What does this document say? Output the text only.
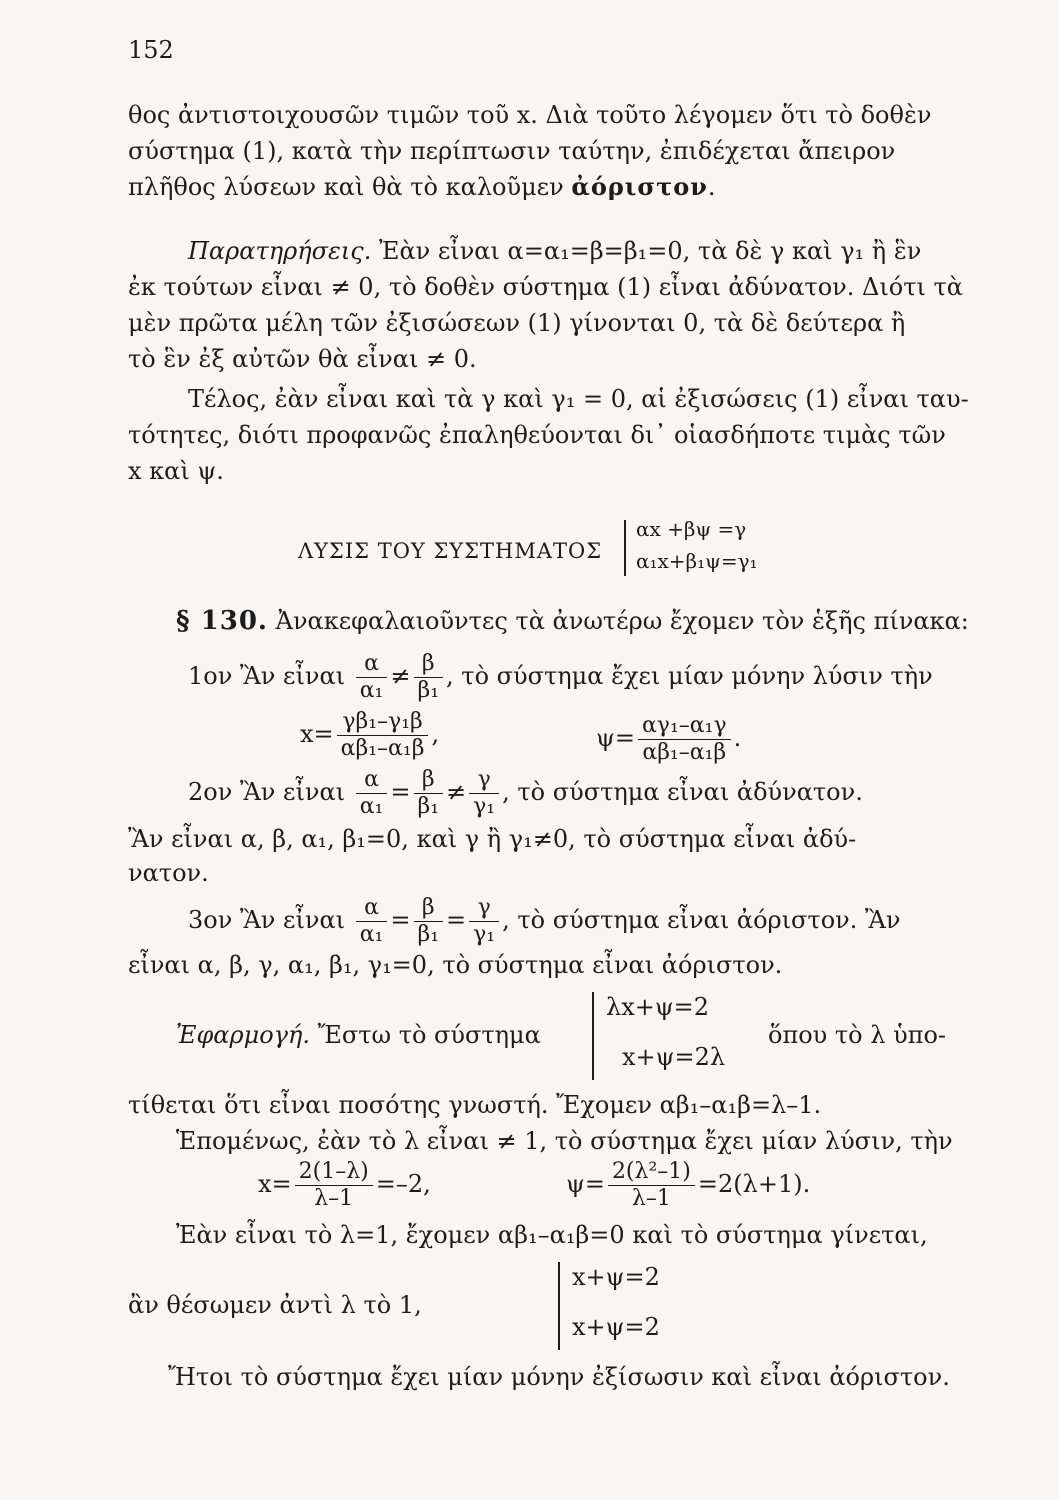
152
θος ἀντιστοιχουσῶν τιμῶν τοῦ x. Διὰ τοῦτο λέγομεν ὅτι τὸ δοθὲν
σύστημα (1), κατὰ τὴν περίπτωσιν ταύτην, ἐπιδέχεται ἄπειρον
πλῆθος λύσεων καὶ θὰ τὸ καλοῦμεν ἀόριστον.
Παρατηρήσεις. Ἐὰν εἶναι α=α₁=β=β₁=0, τὰ δὲ γ καὶ γ₁ ἢ ἓν
ἐκ τούτων εἶναι ≠ 0, τὸ δοθὲν σύστημα (1) εἶναι ἀδύνατον. Διότι τὰ
μὲν πρῶτα μέλη τῶν ἐξισώσεων (1) γίνονται 0, τὰ δὲ δεύτερα ἢ
τὸ ἓν ἐξ αὐτῶν θὰ εἶναι ≠ 0.
Τέλος, ἐὰν εἶναι καὶ τὰ γ καὶ γ₁ = 0, αἱ ἐξισώσεις (1) εἶναι ταυ-
τότητες, διότι προφανῶς ἐπαληθεύονται δι᾽ οἱασδήποτε τιμὰς τῶν
x καὶ ψ.
ΛΥΣΙΣ ΤΟΥ ΣΥΣΤΗΜΑΤΟΣ
αx +βψ =γ
α₁x+β₁ψ=γ₁
§ 130. Ἀνακεφαλαιοῦντες τὰ ἀνωτέρω ἔχομεν τὸν ἑξῆς πίνακα:
1ον Ἂν εἶναι $\frac{\alpha}{\text{α₁}} \ne \frac{\beta}{\text{β₁}}$ , τὸ σύστημα ἔχει μίαν μόνην λύσιν τὴν
$x= \frac{\text{γβ₁–γ₁β}}{\text{αβ₁–α₁β}}$ ,	$\psi= \frac{\text{αγ₁–α₁γ}}{\text{αβ₁–α₁β}}$ .
2ον Ἂν εἶναι $\frac{\alpha}{\text{α₁}} = \frac{\beta}{\text{β₁}} \ne \frac{\gamma}{\text{γ₁}}$ , τὸ σύστημα εἶναι ἀδύνατον.
Ἂν εἶναι α, β, α₁, β₁=0, καὶ γ ἢ γ₁≠0, τὸ σύστημα εἶναι ἀδύ-
νατον.
3ον Ἂν εἶναι $\frac{\alpha}{\text{α₁}} = \frac{\beta}{\text{β₁}} = \frac{\gamma}{\text{γ₁}}$ , τὸ σύστημα εἶναι ἀόριστον. Ἂν
εἶναι α, β, γ, α₁, β₁, γ₁=0, τὸ σύστημα εἶναι ἀόριστον.
Ἐφαρμογή. Ἔστω τὸ σύστημα
λx+ψ=2
x+ψ=2λ
ὅπου τὸ λ ὑπο-
τίθεται ὅτι εἶναι ποσότης γνωστή. Ἔχομεν αβ₁–α₁β=λ–1.
Ἑπομένως, ἐὰν τὸ λ εἶναι ≠ 1, τὸ σύστημα ἔχει μίαν λύσιν, τὴν
$x= \frac{2(1-\lambda)}{\lambda-1} =-2$,	$\psi= \frac{\text{2(λ²–1)}}{\lambda-1} =2(\lambda+1)$.
Ἐὰν εἶναι τὸ λ=1, ἔχομεν αβ₁–α₁β=0 καὶ τὸ σύστημα γίνεται,
ἂν θέσωμεν ἀντὶ λ τὸ 1,
x+ψ=2
x+ψ=2
Ἤτοι τὸ σύστημα ἔχει μίαν μόνην ἐξίσωσιν καὶ εἶναι ἀόριστον.
